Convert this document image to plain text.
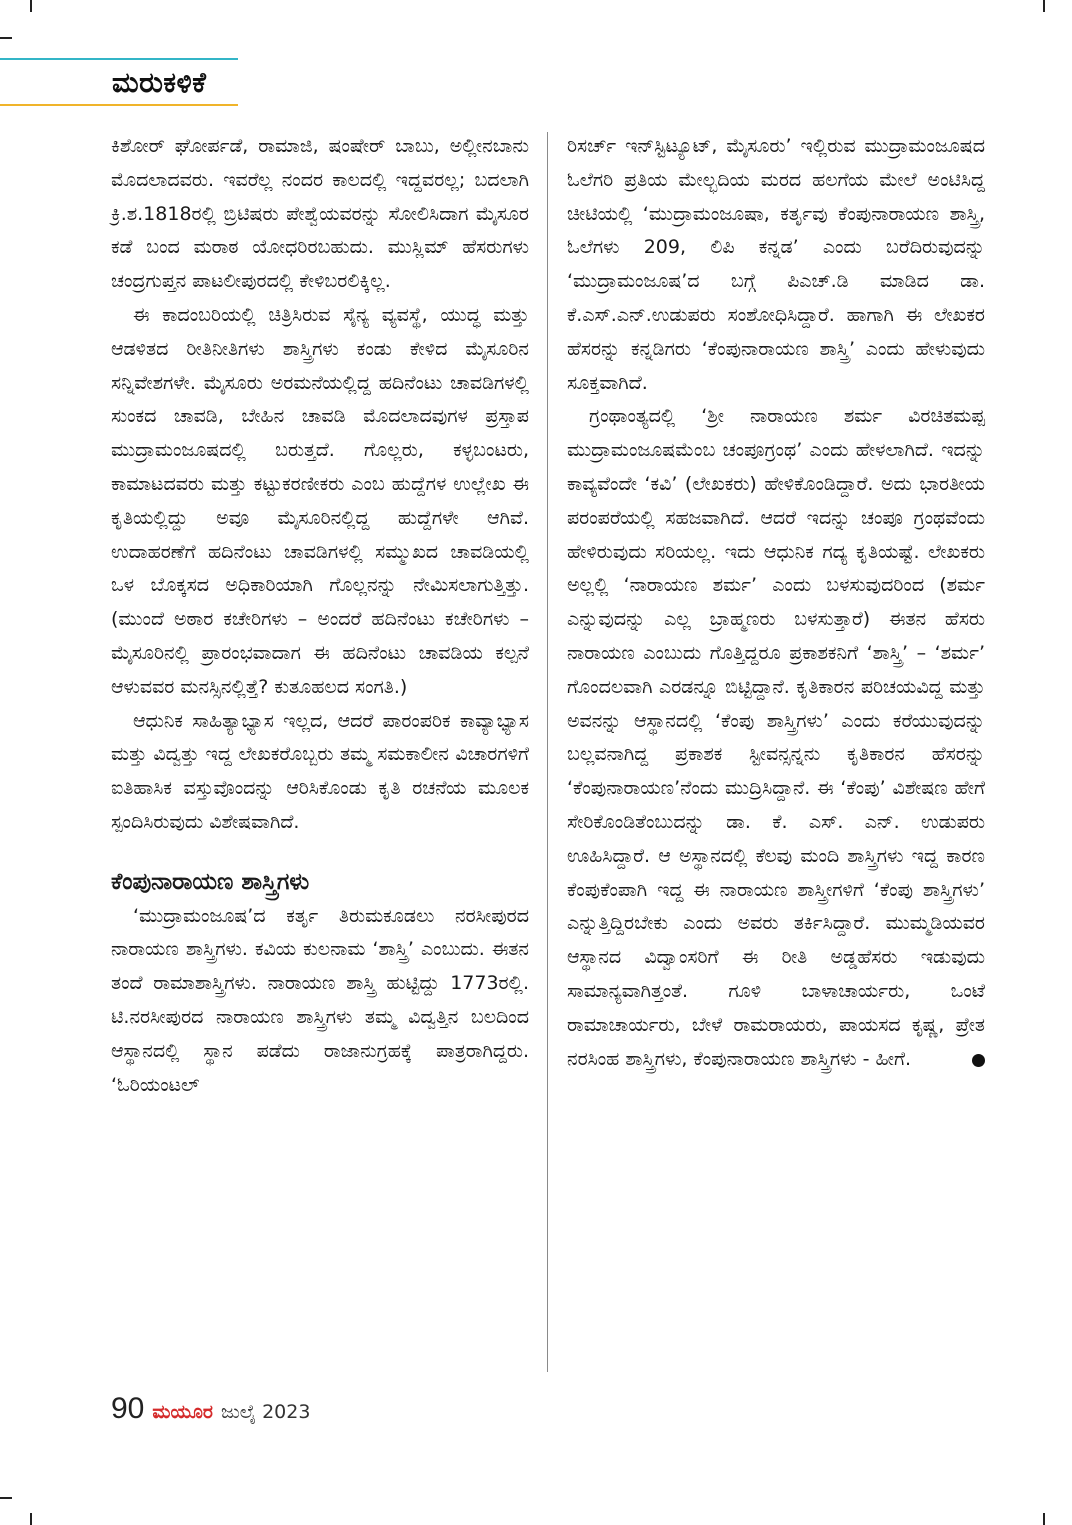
ಮರುಕಳಿಕೆ

ಕಿಶೋರ್ ಘೋರ್ಪಡೆ, ರಾಮಾಜಿ, ಷಂಷೇರ್ ಬಾಬು, ಅಲ್ಲೀನಬಾನು ಮೊದಲಾದವರು. ಇವರೆಲ್ಲ ನಂದರ ಕಾಲದಲ್ಲಿ ಇದ್ದವರಲ್ಲ; ಬದಲಾಗಿ ಕ್ರಿ.ಶ.1818ರಲ್ಲಿ ಬ್ರಿಟಿಷರು ಪೇಶ್ವೆಯವರನ್ನು ಸೋಲಿಸಿದಾಗ ಮೈಸೂರ ಕಡೆ ಬಂದ ಮರಾಠ ಯೋಧರಿರಬಹುದು. ಮುಸ್ಲಿಮ್ ಹೆಸರುಗಳು ಚಂದ್ರಗುಪ್ತನ ಪಾಟಲೀಪುರದಲ್ಲಿ ಕೇಳಿಬರಲಿಕ್ಕಿಲ್ಲ.

ಈ ಕಾದಂಬರಿಯಲ್ಲಿ ಚಿತ್ರಿಸಿರುವ ಸೈನ್ಯ ವ್ಯವಸ್ಥೆ, ಯುದ್ಧ ಮತ್ತು ಆಡಳಿತದ ರೀತಿನೀತಿಗಳು ಶಾಸ್ತ್ರಿಗಳು ಕಂಡು ಕೇಳಿದ ಮೈಸೂರಿನ ಸನ್ನಿವೇಶಗಳೇ. ಮೈಸೂರು ಅರಮನೆಯಲ್ಲಿದ್ದ ಹದಿನೆಂಟು ಚಾವಡಿಗಳಲ್ಲಿ ಸುಂಕದ ಚಾವಡಿ, ಬೇಹಿನ ಚಾವಡಿ ಮೊದಲಾದವುಗಳ ಪ್ರಸ್ತಾಪ ಮುದ್ರಾಮಂಜೂಷದಲ್ಲಿ ಬರುತ್ತದೆ. ಗೊಲ್ಲರು, ಕಳ್ಳಬಂಟರು, ಕಾಮಾಟದವರು ಮತ್ತು ಕಟ್ಟುಕರಣೀಕರು ಎಂಬ ಹುದ್ದೆಗಳ ಉಲ್ಲೇಖ ಈ ಕೃತಿಯಲ್ಲಿದ್ದು ಅವೂ ಮೈಸೂರಿನಲ್ಲಿದ್ದ ಹುದ್ದೆಗಳೇ ಆಗಿವೆ. ಉದಾಹರಣೆಗೆ ಹದಿನೆಂಟು ಚಾವಡಿಗಳಲ್ಲಿ ಸಮ್ಮುಖದ ಚಾವಡಿಯಲ್ಲಿ ಒಳ ಬೊಕ್ಕಸದ ಅಧಿಕಾರಿಯಾಗಿ ಗೊಲ್ಲನನ್ನು ನೇಮಿಸಲಾಗುತ್ತಿತ್ತು. (ಮುಂದೆ ಅಠಾರ ಕಚೇರಿಗಳು – ಅಂದರೆ ಹದಿನೆಂಟು ಕಚೇರಿಗಳು – ಮೈಸೂರಿನಲ್ಲಿ ಪ್ರಾರಂಭವಾದಾಗ ಈ ಹದಿನೆಂಟು ಚಾವಡಿಯ ಕಲ್ಪನೆ ಆಳುವವರ ಮನಸ್ಸಿನಲ್ಲಿತ್ತೆ? ಕುತೂಹಲದ ಸಂಗತಿ.)

ಆಧುನಿಕ ಸಾಹಿತ್ಯಾಭ್ಯಾಸ ಇಲ್ಲದ, ಆದರೆ ಪಾರಂಪರಿಕ ಕಾವ್ಯಾಭ್ಯಾಸ ಮತ್ತು ವಿದ್ವತ್ತು ಇದ್ದ ಲೇಖಕರೊಬ್ಬರು ತಮ್ಮ ಸಮಕಾಲೀನ ವಿಚಾರಗಳಿಗೆ ಐತಿಹಾಸಿಕ ವಸ್ತುವೊಂದನ್ನು ಆರಿಸಿಕೊಂಡು ಕೃತಿ ರಚನೆಯ ಮೂಲಕ ಸ್ಪಂದಿಸಿರುವುದು ವಿಶೇಷವಾಗಿದೆ.

ಕೆಂಪುನಾರಾಯಣ ಶಾಸ್ತ್ರಿಗಳು

‘ಮುದ್ರಾಮಂಜೂಷ’ದ ಕರ್ತೃ ತಿರುಮಕೂಡಲು ನರಸೀಪುರದ ನಾರಾಯಣ ಶಾಸ್ತ್ರಿಗಳು. ಕವಿಯ ಕುಲನಾಮ ‘ಶಾಸ್ತ್ರಿ’ ಎಂಬುದು. ಈತನ ತಂದೆ ರಾಮಾಶಾಸ್ತ್ರಿಗಳು. ನಾರಾಯಣ ಶಾಸ್ತ್ರಿ ಹುಟ್ಟಿದ್ದು 1773ರಲ್ಲಿ. ಟಿ.ನರಸೀಪುರದ ನಾರಾಯಣ ಶಾಸ್ತ್ರಿಗಳು ತಮ್ಮ ವಿದ್ವತ್ತಿನ ಬಲದಿಂದ ಆಸ್ಥಾನದಲ್ಲಿ ಸ್ಥಾನ ಪಡೆದು ರಾಜಾನುಗ್ರಹಕ್ಕೆ ಪಾತ್ರರಾಗಿದ್ದರು. ‘ಓರಿಯಂಟಲ್

ರಿಸರ್ಚ್ ಇನ್‌ಸ್ಟಿಟ್ಯೂಟ್, ಮೈಸೂರು’ ಇಲ್ಲಿರುವ ಮುದ್ರಾಮಂಜೂಷದ ಓಲೆಗರಿ ಪ್ರತಿಯ ಮೇಲ್ಭದಿಯ ಮರದ ಹಲಗೆಯ ಮೇಲೆ ಅಂಟಿಸಿದ್ದ ಚೀಟಿಯಲ್ಲಿ ‘ಮುದ್ರಾಮಂಜೂಷಾ, ಕರ್ತೃವು ಕೆಂಪುನಾರಾಯಣ ಶಾಸ್ತ್ರಿ, ಓಲೆಗಳು 209, ಲಿಪಿ ಕನ್ನಡ’ ಎಂದು ಬರೆದಿರುವುದನ್ನು ‘ಮುದ್ರಾಮಂಜೂಷ’ದ ಬಗ್ಗೆ ಪಿಎಚ್.ಡಿ ಮಾಡಿದ ಡಾ. ಕೆ.ಎಸ್.ಎನ್.ಉಡುಪರು ಸಂಶೋಧಿಸಿದ್ದಾರೆ. ಹಾಗಾಗಿ ಈ ಲೇಖಕರ ಹೆಸರನ್ನು ಕನ್ನಡಿಗರು ‘ಕೆಂಪುನಾರಾಯಣ ಶಾಸ್ತ್ರಿ’ ಎಂದು ಹೇಳುವುದು ಸೂಕ್ತವಾಗಿದೆ.

ಗ್ರಂಥಾಂತ್ಯದಲ್ಲಿ ‘ಶ್ರೀ ನಾರಾಯಣ ಶರ್ಮ ವಿರಚಿತಮಪ್ಪ ಮುದ್ರಾಮಂಜೂಷಮೆಂಬ ಚಂಪೂಗ್ರಂಥ’ ಎಂದು ಹೇಳಲಾಗಿದೆ. ಇದನ್ನು ಕಾವ್ಯವೆಂದೇ ‘ಕವಿ’ (ಲೇಖಕರು) ಹೇಳಿಕೊಂಡಿದ್ದಾರೆ. ಅದು ಭಾರತೀಯ ಪರಂಪರೆಯಲ್ಲಿ ಸಹಜವಾಗಿದೆ. ಆದರೆ ಇದನ್ನು ಚಂಪೂ ಗ್ರಂಥವೆಂದು ಹೇಳಿರುವುದು ಸರಿಯಲ್ಲ. ಇದು ಆಧುನಿಕ ಗದ್ಯ ಕೃತಿಯಷ್ಟೆ. ಲೇಖಕರು ಅಲ್ಲಲ್ಲಿ ‘ನಾರಾಯಣ ಶರ್ಮ’ ಎಂದು ಬಳಸುವುದರಿಂದ (ಶರ್ಮ ಎನ್ನುವುದನ್ನು ಎಲ್ಲ ಬ್ರಾಹ್ಮಣರು ಬಳಸುತ್ತಾರೆ) ಈತನ ಹೆಸರು ನಾರಾಯಣ ಎಂಬುದು ಗೊತ್ತಿದ್ದರೂ ಪ್ರಕಾಶಕನಿಗೆ ‘ಶಾಸ್ತ್ರಿ’ – ‘ಶರ್ಮ’ ಗೊಂದಲವಾಗಿ ಎರಡನ್ನೂ ಬಿಟ್ಟಿದ್ದಾನೆ. ಕೃತಿಕಾರನ ಪರಿಚಯವಿದ್ದ ಮತ್ತು ಅವನನ್ನು ಆಸ್ಥಾನದಲ್ಲಿ ‘ಕೆಂಪು ಶಾಸ್ತ್ರಿಗಳು’ ಎಂದು ಕರೆಯುವುದನ್ನು ಬಲ್ಲವನಾಗಿದ್ದ ಪ್ರಕಾಶಕ ಸ್ಟೀವನ್ಸನ್ನನು ಕೃತಿಕಾರನ ಹೆಸರನ್ನು ‘ಕೆಂಪುನಾರಾಯಣ’ನೆಂದು ಮುದ್ರಿಸಿದ್ದಾನೆ. ಈ ‘ಕೆಂಪು’ ವಿಶೇಷಣ ಹೇಗೆ ಸೇರಿಕೊಂಡಿತೆಂಬುದನ್ನು ಡಾ. ಕೆ. ಎಸ್. ಎನ್. ಉಡುಪರು ಊಹಿಸಿದ್ದಾರೆ. ಆ ಅಸ್ಥಾನದಲ್ಲಿ ಕೆಲವು ಮಂದಿ ಶಾಸ್ತ್ರಿಗಳು ಇದ್ದ ಕಾರಣ ಕೆಂಪುಕೆಂಪಾಗಿ ಇದ್ದ ಈ ನಾರಾಯಣ ಶಾಸ್ತ್ರೀಗಳಿಗೆ ‘ಕೆಂಪು ಶಾಸ್ತ್ರಿಗಳು’ ಎನ್ನುತ್ತಿದ್ದಿರಬೇಕು ಎಂದು ಅವರು ತರ್ಕಿಸಿದ್ದಾರೆ. ಮುಮ್ಮಡಿಯವರ ಆಸ್ಥಾನದ ವಿದ್ವಾಂಸರಿಗೆ ಈ ರೀತಿ ಅಡ್ಡಹೆಸರು ಇಡುವುದು ಸಾಮಾನ್ಯವಾಗಿತ್ತಂತೆ. ಗೂಳಿ ಬಾಳಾಚಾರ್ಯರು, ಒಂಟೆ ರಾಮಾಚಾರ್ಯರು, ಬೇಳೆ ರಾಮರಾಯರು, ಪಾಯಸದ ಕೃಷ್ಣ, ಪ್ರೇತ ನರಸಿಂಹ ಶಾಸ್ತ್ರಿಗಳು, ಕೆಂಪುನಾರಾಯಣ ಶಾಸ್ತ್ರಿಗಳು - ಹೀಗೆ.

90 ಮಯೂರ ಜುಲೈ 2023
